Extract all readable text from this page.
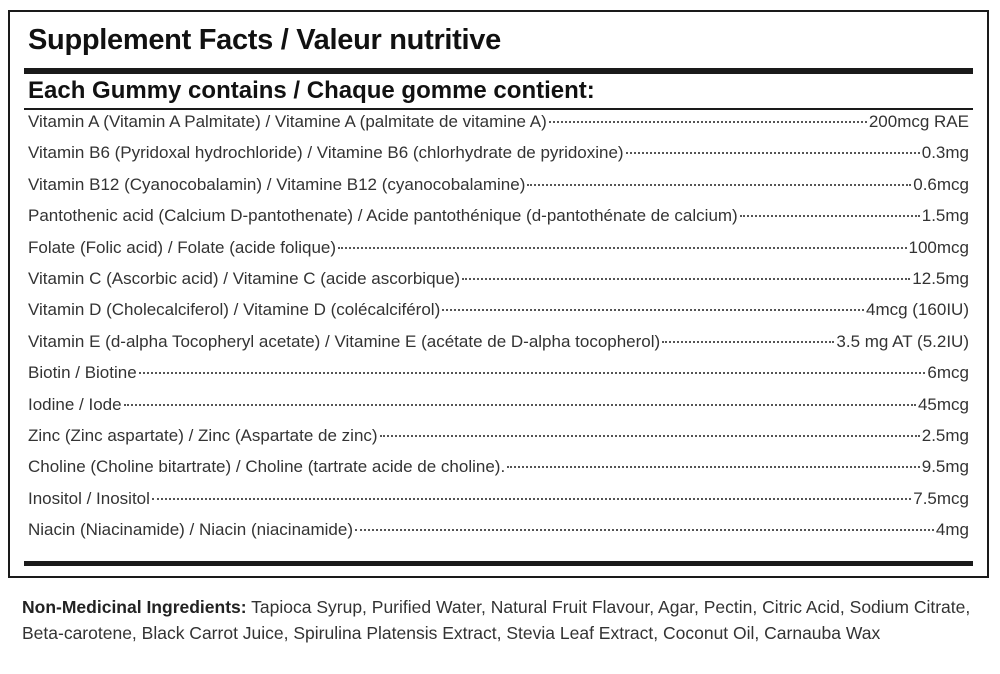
Supplement Facts / Valeur nutritive
Each Gummy contains / Chaque gomme contient:
Vitamin A (Vitamin A Palmitate) / Vitamine A (palmitate de vitamine A)	200mcg RAE
Vitamin B6 (Pyridoxal hydrochloride) / Vitamine B6 (chlorhydrate de pyridoxine)	0.3mg
Vitamin B12 (Cyanocobalamin) / Vitamine B12 (cyanocobalamine)	0.6mcg
Pantothenic acid (Calcium D-pantothenate) / Acide pantothénique (d-pantothénate de calcium)	1.5mg
Folate (Folic acid) / Folate (acide folique)	100mcg
Vitamin C (Ascorbic acid) / Vitamine C (acide ascorbique)	12.5mg
Vitamin D (Cholecalciferol) / Vitamine D (colécalciférol)	4mcg (160IU)
Vitamin E (d-alpha Tocopheryl acetate) / Vitamine E (acétate de D-alpha tocopherol)	3.5 mg AT (5.2IU)
Biotin / Biotine	6mcg
Iodine / Iode	45mcg
Zinc (Zinc aspartate) / Zinc (Aspartate de zinc)	2.5mg
Choline (Choline bitartrate) / Choline (tartrate acide de choline).	9.5mg
Inositol / Inositol	7.5mcg
Niacin (Niacinamide) / Niacin (niacinamide)	4mg
Non-Medicinal Ingredients: Tapioca Syrup, Purified Water, Natural Fruit Flavour, Agar, Pectin, Citric Acid, Sodium Citrate, Beta-carotene, Black Carrot Juice, Spirulina Platensis Extract, Stevia Leaf Extract, Coconut Oil, Carnauba Wax
